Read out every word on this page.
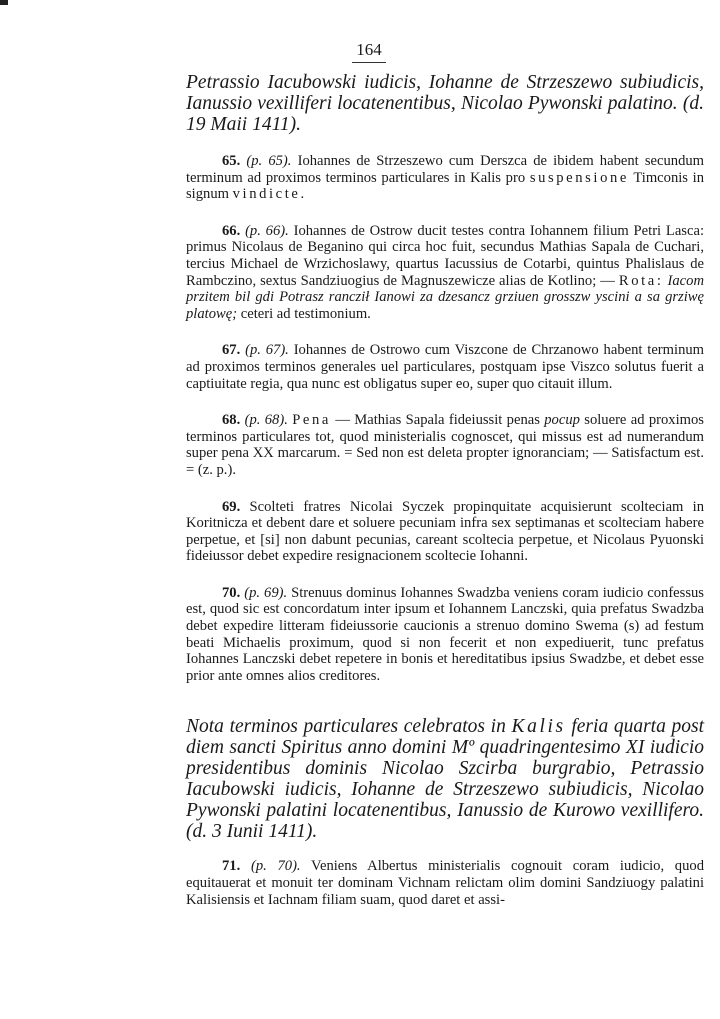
164

Petrassio Iacubowski iudicis, Iohanne de Strzeszewo subiudicis, Ianussio vexilliferi locatenentibus, Nicolao Pywonski palatino. (d. 19 Maii 1411).

65. (p. 65). Iohannes de Strzeszewo cum Derszca de ibidem habent secundum terminum ad proximos terminos particulares in Kalis pro suspensione Timconis in signum vindicte.

66. (p. 66). Iohannes de Ostrow ducit testes contra Iohannem filium Petri Lasca: primus Nicolaus de Beganino qui circa hoc fuit, secundus Mathias Sapala de Cuchari, tercius Michael de Wrzichoslawy, quartus Iacussius de Cotarbi, quintus Phalislaus de Rambczino, sextus Sandziuogius de Magnuszewicze alias de Kotlino; — Rota: Iacom przitem bil gdi Potrasz rancził Ianowi za dzesancz grziuen grosszw yscini a sa grziwę platowę; ceteri ad testimonium.

67. (p. 67). Iohannes de Ostrowo cum Viszcone de Chrzanowo habent terminum ad proximos terminos generales uel particulares, postquam ipse Viszco solutus fuerit a captiuitate regia, qua nunc est obligatus super eo, super quo citauit illum.

68. (p. 68). Pena — Mathias Sapala fideiussit penas pocup soluere ad proximos terminos particulares tot, quod ministerialis cognoscet, qui missus est ad numerandum super pena XX marcarum. = Sed non est deleta propter ignoranciam; — Satisfactum est. = (z. p.).

69. Scolteti fratres Nicolai Syczek propinquitate acquisierunt scolteciam in Koritnicza et debent dare et soluere pecuniam infra sex septimanas et scolteciam habere perpetue, et [si] non dabunt pecunias, careant scoltecia perpetue, et Nicolaus Pyuonski fideiussor debet expedire resignacionem scoltecie Iohanni.

70. (p. 69). Strenuus dominus Iohannes Swadzba veniens coram iudicio confessus est, quod sic est concordatum inter ipsum et Iohannem Lanczski, quia prefatus Swadzba debet expedire litteram fideiussorie caucionis a strenuo domino Swema (s) ad festum beati Michaelis proximum, quod si non fecerit et non expediuerit, tunc prefatus Iohannes Lanczski debet repetere in bonis et hereditatibus ipsius Swadzbe, et debet esse prior ante omnes alios creditores.

Nota terminos particulares celebratos in Kalis feria quarta post diem sancti Spiritus anno domini Mº quadringentesimo XI iudicio presidentibus dominis Nicolao Szcirba burgrabio, Petrassio Iacubowski iudicis, Iohanne de Strzeszewo subiudicis, Nicolao Pywonski palatini locatenentibus, Ianussio de Kurowo vexillifero. (d. 3 Iunii 1411).

71. (p. 70). Veniens Albertus ministerialis cognouit coram iudicio, quod equitauerat et monuit ter dominam Vichnam relictam olim domini Sandziuogy palatini Kalisiensis et Iachnam filiam suam, quod daret et assi-
